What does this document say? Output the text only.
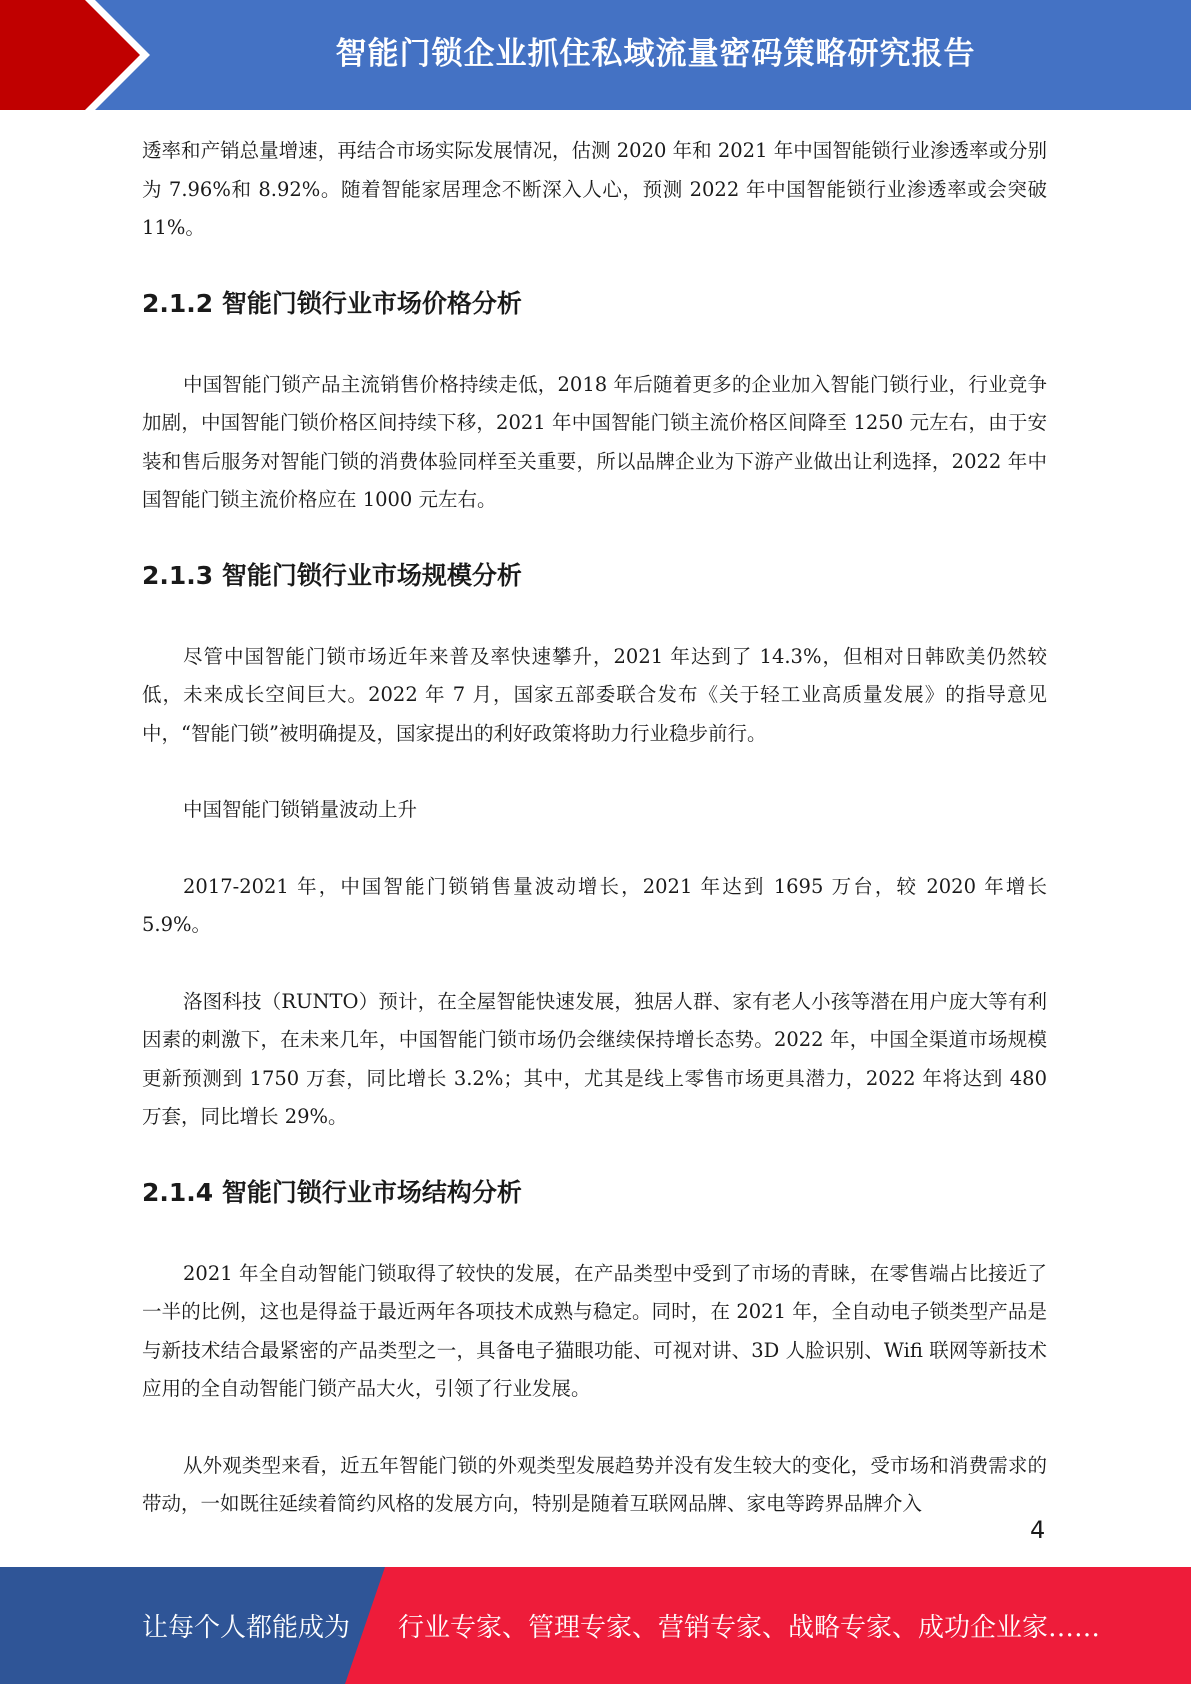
智能门锁企业抓住私域流量密码策略研究报告

透率和产销总量增速，再结合市场实际发展情况，估测 2020 年和 2021 年中国智能锁行业渗透率或分别为 7.96%和 8.92%。随着智能家居理念不断深入人心，预测 2022 年中国智能锁行业渗透率或会突破 11%。

2.1.2 智能门锁行业市场价格分析

中国智能门锁产品主流销售价格持续走低，2018 年后随着更多的企业加入智能门锁行业，行业竞争加剧，中国智能门锁价格区间持续下移，2021 年中国智能门锁主流价格区间降至 1250 元左右，由于安装和售后服务对智能门锁的消费体验同样至关重要，所以品牌企业为下游产业做出让利选择，2022 年中国智能门锁主流价格应在 1000 元左右。

2.1.3 智能门锁行业市场规模分析

尽管中国智能门锁市场近年来普及率快速攀升，2021 年达到了 14.3%，但相对日韩欧美仍然较低，未来成长空间巨大。2022 年 7 月，国家五部委联合发布《关于轻工业高质量发展》的指导意见中，“智能门锁”被明确提及，国家提出的利好政策将助力行业稳步前行。

中国智能门锁销量波动上升

2017-2021 年，中国智能门锁销售量波动增长，2021 年达到 1695 万台，较 2020 年增长 5.9%。

洛图科技（RUNTO）预计，在全屋智能快速发展，独居人群、家有老人小孩等潜在用户庞大等有利因素的刺激下，在未来几年，中国智能门锁市场仍会继续保持增长态势。2022 年，中国全渠道市场规模更新预测到 1750 万套，同比增长 3.2%；其中，尤其是线上零售市场更具潜力，2022 年将达到 480 万套，同比增长 29%。

2.1.4 智能门锁行业市场结构分析

2021 年全自动智能门锁取得了较快的发展，在产品类型中受到了市场的青睐，在零售端占比接近了一半的比例，这也是得益于最近两年各项技术成熟与稳定。同时，在 2021 年，全自动电子锁类型产品是与新技术结合最紧密的产品类型之一，具备电子猫眼功能、可视对讲、3D 人脸识别、Wifi 联网等新技术应用的全自动智能门锁产品大火，引领了行业发展。

从外观类型来看，近五年智能门锁的外观类型发展趋势并没有发生较大的变化，受市场和消费需求的带动，一如既往延续着简约风格的发展方向，特别是随着互联网品牌、家电等跨界品牌介入

4
让每个人都能成为 行业专家、管理专家、营销专家、战略专家、成功企业家……
